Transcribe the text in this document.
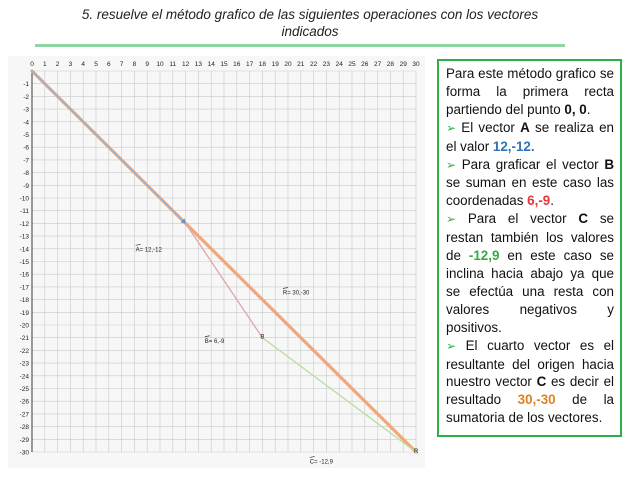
5. resuelve el método grafico de las siguientes operaciones con los vectores
indicados
0 1 2 3 4 5 6 7 8 9 10 11 12 13 14 15 16 17 18 19 20 21 22 23 24 25 26 27 28 29 30
-1
-2
-3
-4
-5
-6
-7
-8
-9
-10
-11
-12
-13
-14
-15
-16
-17
-18
-19
-20
-21
-22
-23
-24
-25
-26
-27
-28
-29
-30
A= 12,-12
B= 6,-9
C= -12,9
R= 30,-30
B
R

Para este método grafico se forma la primera recta partiendo del punto 0, 0.

➢ El vector A se realiza en el valor 12,-12.

➢ Para graficar el vector B se suman en este caso las coordenadas 6,-9.

➢ Para el vector C se restan también los valores de -12,9 en este caso se inclina hacia abajo ya que se efectúa una resta con valores negativos y positivos.

➢ El cuarto vector es el resultante del origen hacia nuestro vector C es decir el resultado 30,-30 de la sumatoria de los vectores.
